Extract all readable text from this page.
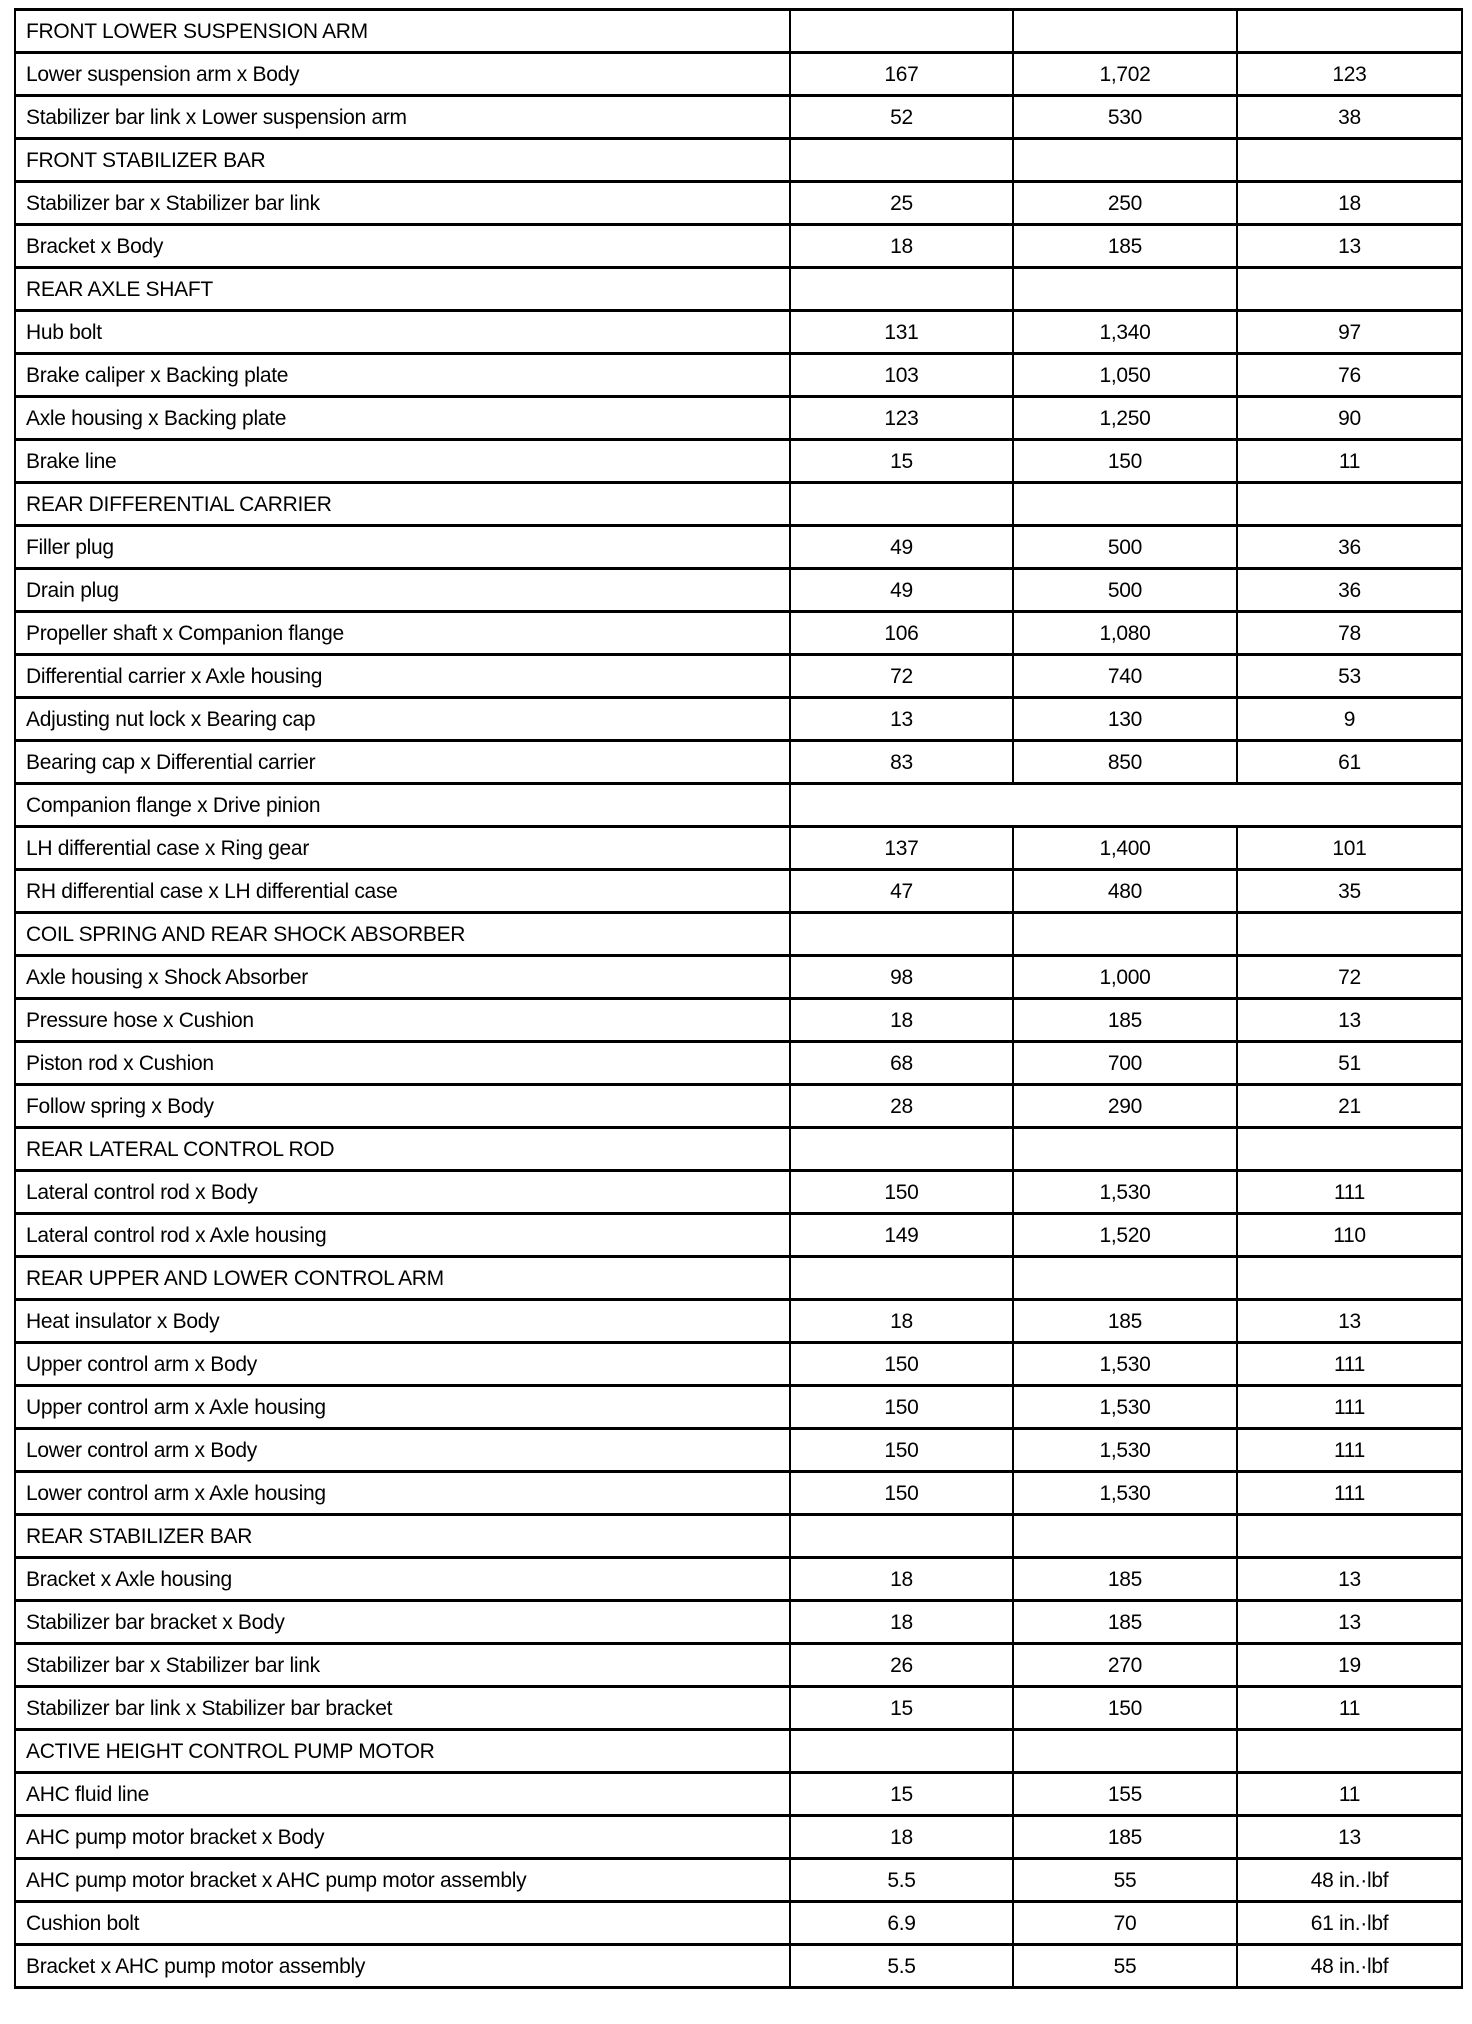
FRONT LOWER SUSPENSION ARM			
Lower suspension arm x Body	167	1,702	123
Stabilizer bar link x Lower suspension arm	52	530	38
FRONT STABILIZER BAR			
Stabilizer bar x Stabilizer bar link	25	250	18
Bracket x Body	18	185	13
REAR AXLE SHAFT			
Hub bolt	131	1,340	97
Brake caliper x Backing plate	103	1,050	76
Axle housing x Backing plate	123	1,250	90
Brake line	15	150	11
REAR DIFFERENTIAL CARRIER			
Filler plug	49	500	36
Drain plug	49	500	36
Propeller shaft x Companion flange	106	1,080	78
Differential carrier x Axle housing	72	740	53
Adjusting nut lock x Bearing cap	13	130	9
Bearing cap x Differential carrier	83	850	61
Companion flange x Drive pinion			
LH differential case x Ring gear	137	1,400	101
RH differential case x LH differential case	47	480	35
COIL SPRING AND REAR SHOCK ABSORBER			
Axle housing x Shock Absorber	98	1,000	72
Pressure hose x Cushion	18	185	13
Piston rod x Cushion	68	700	51
Follow spring x Body	28	290	21
REAR LATERAL CONTROL ROD			
Lateral control rod x Body	150	1,530	111
Lateral control rod x Axle housing	149	1,520	110
REAR UPPER AND LOWER CONTROL ARM			
Heat insulator x Body	18	185	13
Upper control arm x Body	150	1,530	111
Upper control arm x Axle housing	150	1,530	111
Lower control arm x Body	150	1,530	111
Lower control arm x Axle housing	150	1,530	111
REAR STABILIZER BAR			
Bracket x Axle housing	18	185	13
Stabilizer bar bracket x Body	18	185	13
Stabilizer bar x Stabilizer bar link	26	270	19
Stabilizer bar link x Stabilizer bar bracket	15	150	11
ACTIVE HEIGHT CONTROL PUMP MOTOR			
AHC fluid line	15	155	11
AHC pump motor bracket x Body	18	185	13
AHC pump motor bracket x AHC pump motor assembly	5.5	55	48 in.·lbf
Cushion bolt	6.9	70	61 in.·lbf
Bracket x AHC pump motor assembly	5.5	55	48 in.·lbf
